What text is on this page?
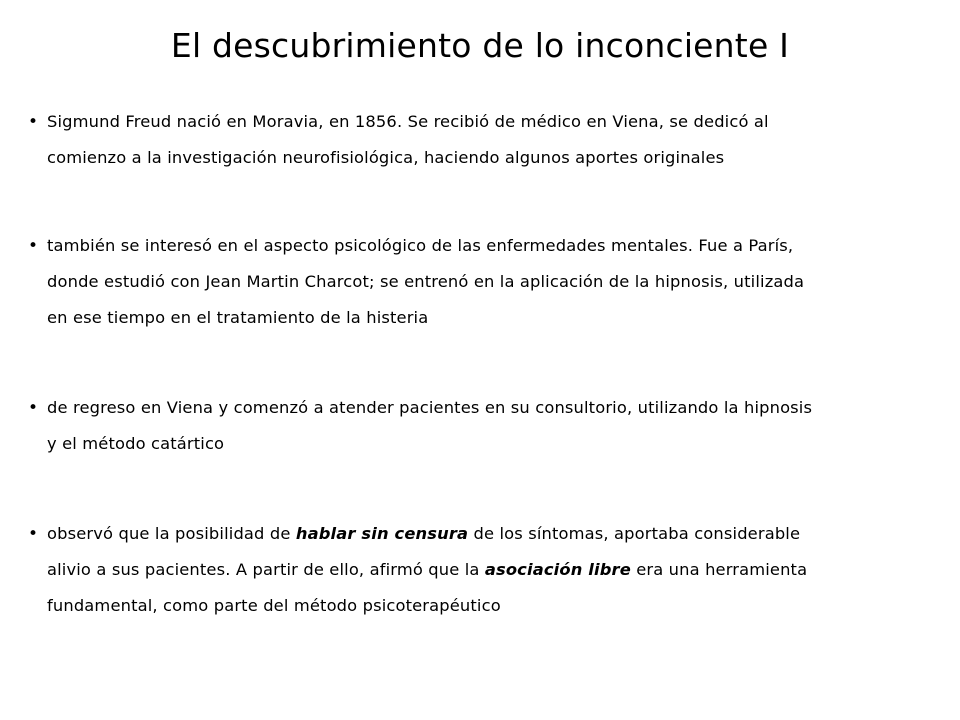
El descubrimiento de lo inconciente I
• Sigmund Freud nació en Moravia, en 1856. Se recibió de médico en Viena, se dedicó al
comienzo a la investigación neurofisiológica, haciendo algunos aportes originales
• también se interesó en el aspecto psicológico de las enfermedades mentales. Fue a París,
donde estudió con Jean Martin Charcot; se entrenó en la aplicación de la hipnosis, utilizada
en ese tiempo en el tratamiento de la histeria
• de regreso en Viena y comenzó a atender pacientes en su consultorio, utilizando la hipnosis
y el método catártico
• observó que la posibilidad de hablar sin censura de los síntomas, aportaba considerable
alivio a sus pacientes. A partir de ello, afirmó que la asociación libre era una herramienta
fundamental, como parte del método psicoterapéutico
